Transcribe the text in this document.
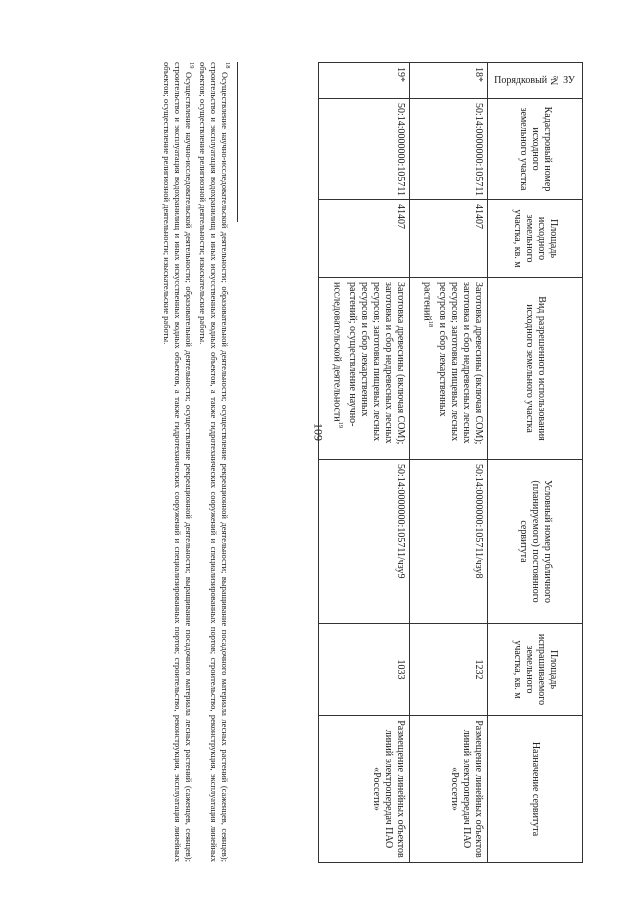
109
Порядковый № ЗУ	Кадастровый номер исходного земельного участка	Площадь исходного земельного участка, кв. м	Вид разрешенного использования исходного земельного участка	Условный номер публичного (планируемого) постоянного сервитута	Площадь испрашиваемого земельного участка, кв. м	Назначение сервитута
18*	50:14:0000000:105711	41407	Заготовка древесины (включая СОМ); заготовка и сбор недревесных лесных ресурсов; заготовка пищевых лесных ресурсов и сбор лекарственных растений$^{18}$	50:14:0000000:105711/чзу8	1232	Размещение линейных объектов линий электропередач ПАО «Россети»
19*	50:14:0000000:105711	41407	Заготовка древесины (включая СОМ); заготовка и сбор недревесных лесных ресурсов; заготовка пищевых лесных ресурсов и сбор лекарственных растений; осуществление научно-исследовательской деятельности$^{19}$	50:14:0000000:105711/чзу9	1033	Размещение линейных объектов линий электропередач ПАО «Россети»
$^{18}$ Осуществление научно-исследовательской деятельности; образовательной деятельности; осуществление рекреационной деятельности; выращивание посадочного материала лесных растений (саженцев, сеянцев); строительство и эксплуатация водохранилищ и иных искусственных водных объектов, а также гидротехнических сооружений и специализированных портов; строительство, реконструкция, эксплуатация линейных объектов; осуществление религиозной деятельности; изыскательские работы.
$^{19}$ Осуществление научно-исследовательской деятельности; образовательной деятельности; осуществление рекреационной деятельности; выращивание посадочного материала лесных растений (саженцев, сеянцев); строительство и эксплуатация водохранилищ и иных искусственных водных объектов, а также гидротехнических сооружений и специализированных портов; строительство, реконструкция, эксплуатация линейных объектов; осуществление религиозной деятельности; изыскательские работы.
